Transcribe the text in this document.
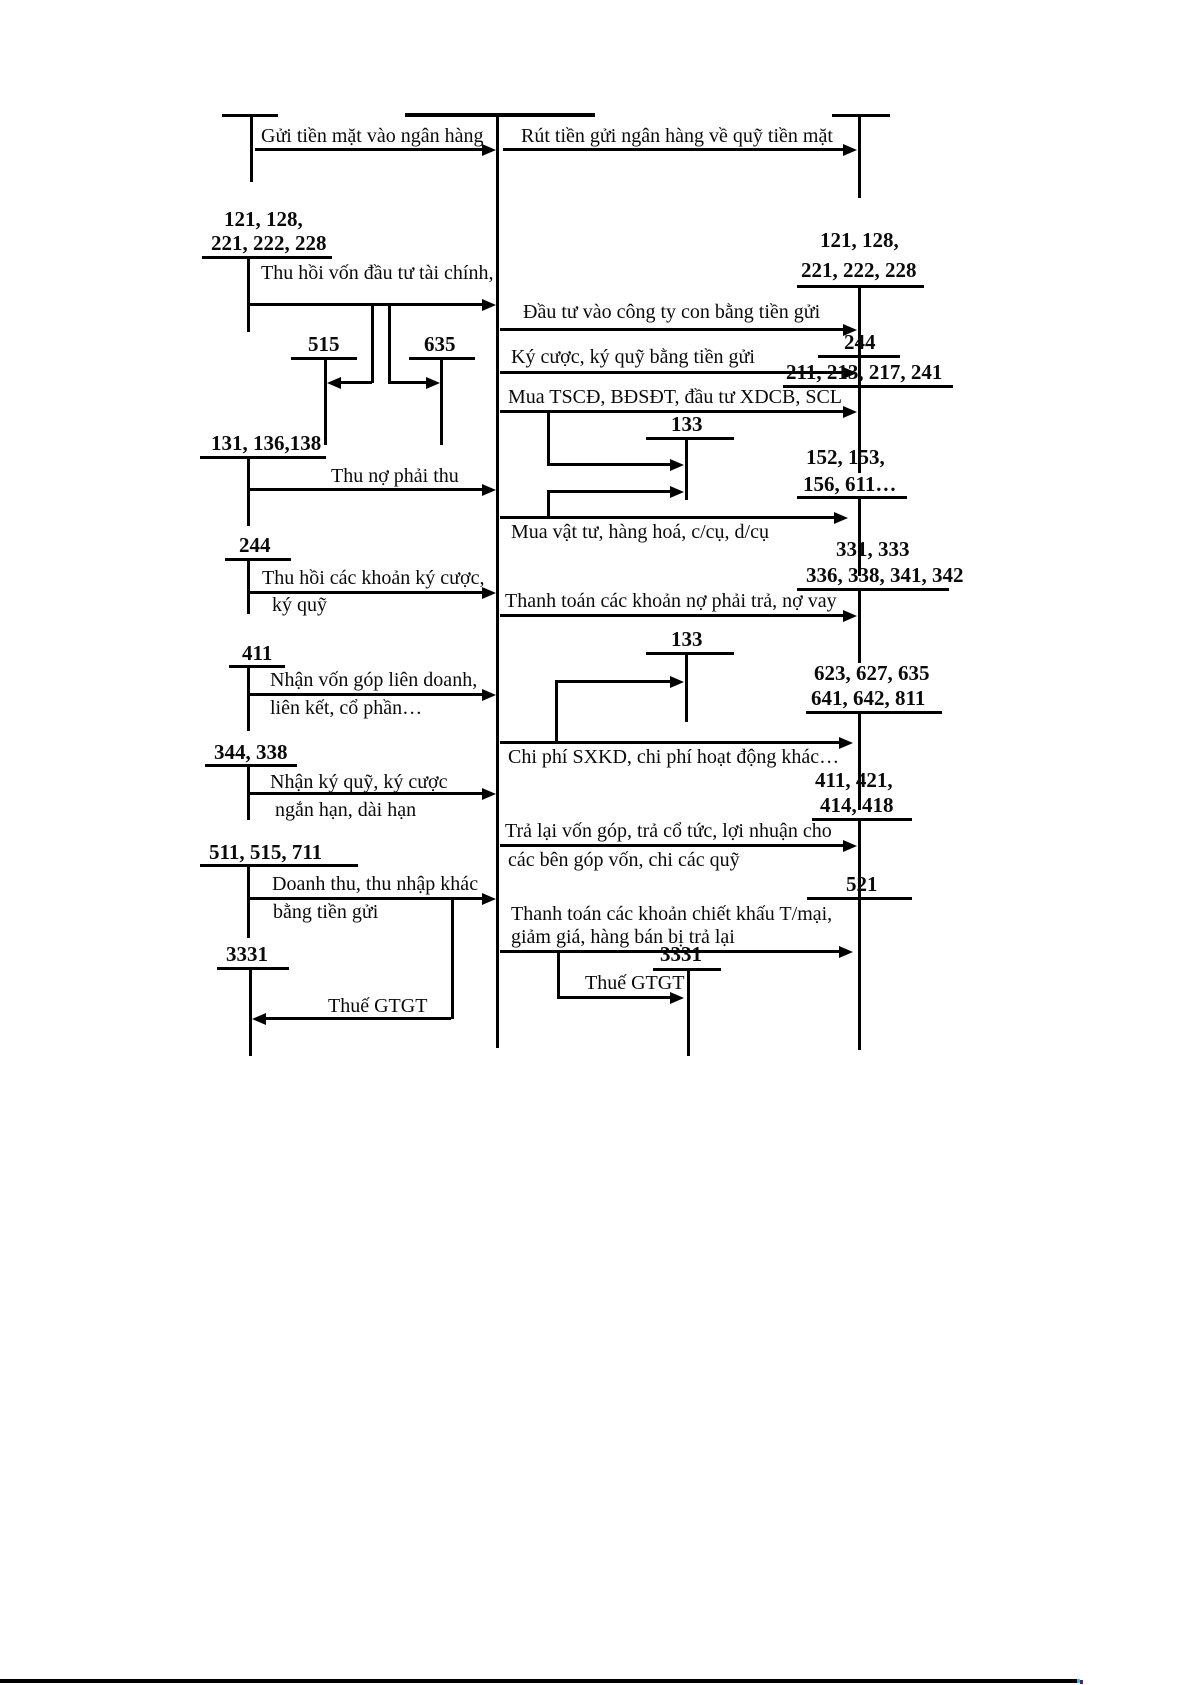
Gửi tiền mặt vào ngân hàng
121, 128,
221, 222, 228
Thu hồi vốn đầu tư tài chính,
515	635
131, 136,138
Thu nợ phải thu
244
Thu hồi các khoản ký cược,
ký quỹ
411
Nhận vốn góp liên doanh,
liên kết, cổ phần…
344, 338
Nhận ký quỹ, ký cược
ngắn hạn, dài hạn
511, 515, 711
Doanh thu, thu nhập khác
bằng tiền gửi
3331
Thuế GTGT
Rút tiền gửi ngân hàng về quỹ tiền mặt
121, 128,
221, 222, 228
Đầu tư vào công ty con bằng tiền gửi
244
Ký cược, ký quỹ bằng tiền gửi
211, 213, 217, 241
Mua TSCĐ, BĐSĐT, đầu tư XDCB, SCL
133
152, 153,
156, 611…
Mua vật tư, hàng hoá, c/cụ, d/cụ
331, 333
336, 338, 341, 342
Thanh toán các khoản nợ phải trả, nợ vay
623, 627, 635
641, 642, 811
133
Chi phí SXKD, chi phí hoạt động khác…
411, 421,
414, 418
Trả lại vốn góp, trả cổ tức, lợi nhuận cho
các bên góp vốn, chi các quỹ
521
Thanh toán các khoản chiết khấu T/mại,
giảm giá, hàng bán bị trả lại
3331
Thuế GTGT
